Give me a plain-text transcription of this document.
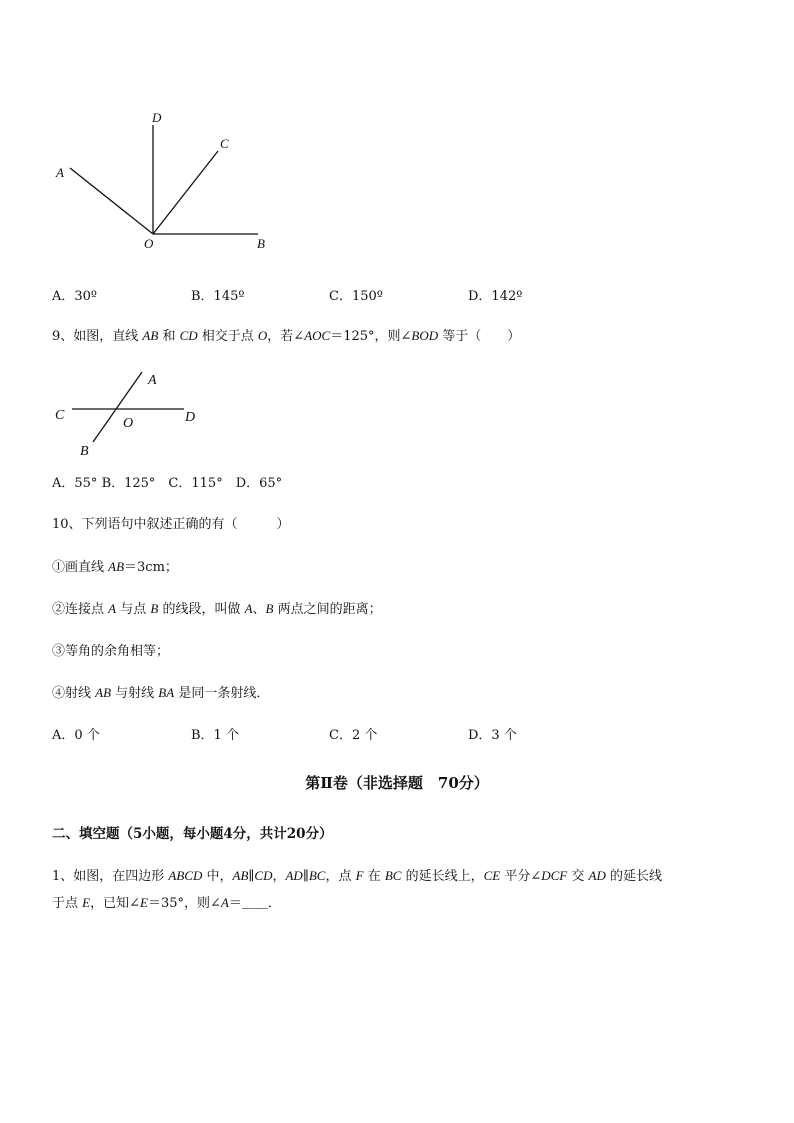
D
C
A
O	B
A．30º	B．145º	C．150º	D．142º
9、如图，直线 AB 和 CD 相交于点 O，若∠AOC＝125°，则∠BOD 等于（　　）
A
C
O	D
B
A．55° B．125°　C．115°　D．65°
10、下列语句中叙述正确的有（　　　）
①画直线 AB＝3cm；
②连接点 A 与点 B 的线段，叫做 A、B 两点之间的距离；
③等角的余角相等；
④射线 AB 与射线 BA 是同一条射线．
A．0 个	B．1 个	C．2 个	D．3 个
第Ⅱ卷（非选择题　70分）
二、填空题（5小题，每小题4分，共计20分）
1、如图，在四边形 ABCD 中，AB∥CD，AD∥BC，点 F 在 BC 的延长线上，CE 平分∠DCF 交 AD 的延长线
于点 E，已知∠E＝35°，则∠A＝＿＿．
